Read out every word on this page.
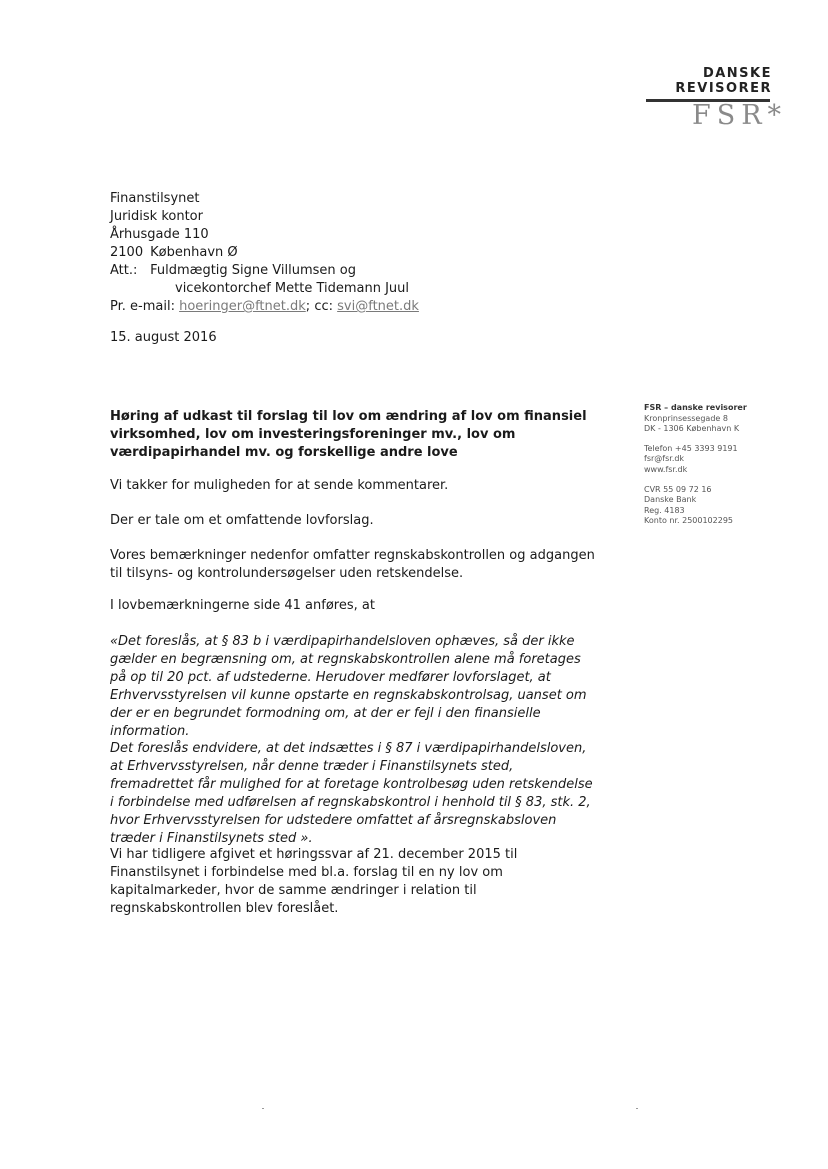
DANSKE
REVISORER
FSR*
Finanstilsynet
Juridisk kontor
Århusgade 110
2100 København Ø
Att.: Fuldmægtig Signe Villumsen og
vicekontorchef Mette Tidemann Juul
Pr. e-mail: hoeringer@ftnet.dk; cc: svi@ftnet.dk
15. august 2016
FSR – danske revisorer
Kronprinsessegade 8
DK - 1306 København K
Telefon +45 3393 9191
fsr@fsr.dk
www.fsr.dk
CVR 55 09 72 16
Danske Bank
Reg. 4183
Konto nr. 2500102295
Høring af udkast til forslag til lov om ændring af lov om finansiel virksomhed, lov om investeringsforeninger mv., lov om værdipapirhandel mv. og forskellige andre love
Vi takker for muligheden for at sende kommentarer.
Der er tale om et omfattende lovforslag.
Vores bemærkninger nedenfor omfatter regnskabskontrollen og adgangen til tilsyns- og kontrolundersøgelser uden retskendelse.
I lovbemærkningerne side 41 anføres, at
«Det foreslås, at § 83 b i værdipapirhandelsloven ophæves, så der ikke gælder en begrænsning om, at regnskabskontrollen alene må foretages på op til 20 pct. af udstederne. Herudover medfører lovforslaget, at Erhvervsstyrelsen vil kunne opstarte en regnskabskontrolsag, uanset om der er en begrundet formodning om, at der er fejl i den finansielle information.
Det foreslås endvidere, at det indsættes i § 87 i værdipapirhandelsloven, at Erhvervsstyrelsen, når denne træder i Finanstilsynets sted, fremadrettet får mulighed for at foretage kontrolbesøg uden retskendelse i forbindelse med udførelsen af regnskabskontrol i henhold til § 83, stk. 2, hvor Erhvervsstyrelsen for udstedere omfattet af årsregnskabsloven træder i Finanstilsynets sted ».
Vi har tidligere afgivet et høringssvar af 21. december 2015 til Finanstilsynet i forbindelse med bl.a. forslag til en ny lov om kapitalmarkeder, hvor de samme ændringer i relation til regnskabskontrollen blev foreslået.
